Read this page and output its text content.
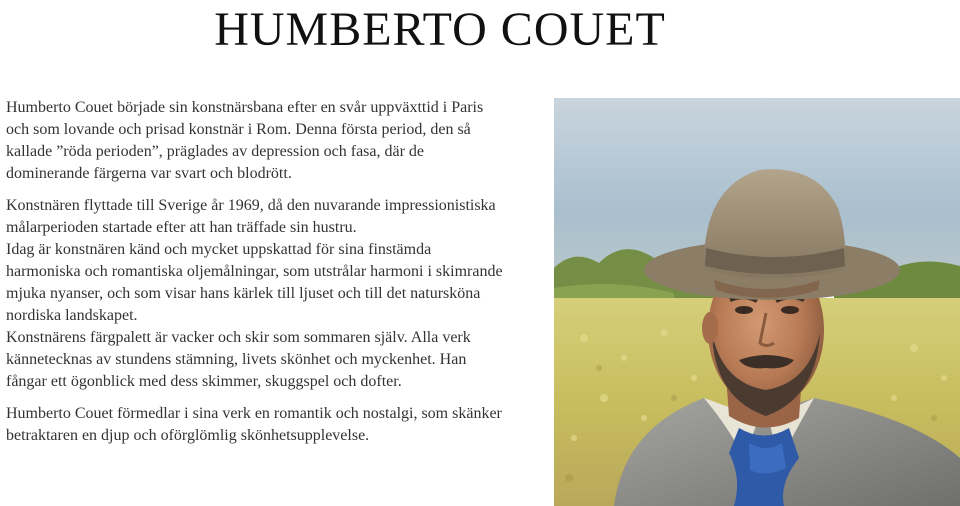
HUMBERTO COUET

Humberto Couet började sin konstnärsbana efter en svår uppväxttid i Paris och som lovande och prisad konstnär i Rom. Denna första period, den så kallade ”röda perioden”, präglades av depression och fasa, där de dominerande färgerna var svart och blodrött.

Konstnären flyttade till Sverige år 1969, då den nuvarande impressionistiska målarperioden startade efter att han träffade sin hustru.

Idag är konstnären känd och mycket uppskattad för sina finstämda harmoniska och romantiska oljemålningar, som utstrålar harmoni i skimrande mjuka nyanser, och som visar hans kärlek till ljuset och till det natursköna nordiska landskapet.

Konstnärens färgpalett är vacker och skir som sommaren själv. Alla verk kännetecknas av stundens stämning, livets skönhet och myckenhet. Han fångar ett ögonblick med dess skimmer, skuggspel och dofter.

Humberto Couet förmedlar i sina verk en romantik och nostalgi, som skänker betraktaren en djup och oförglömlig skönhetsupplevelse.
